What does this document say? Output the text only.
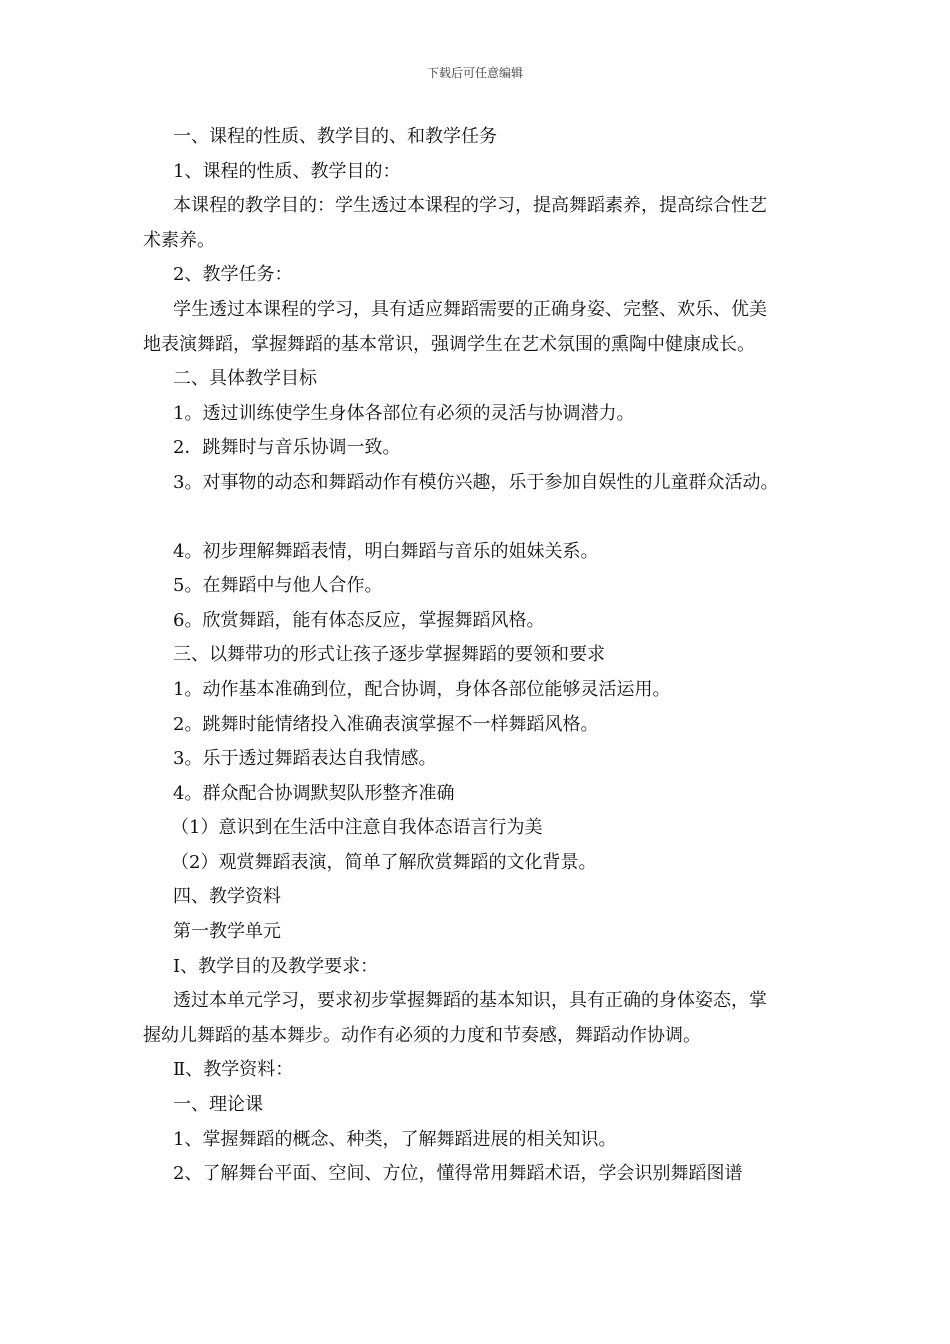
下载后可任意编辑
一、课程的性质、教学目的、和教学任务
1、课程的性质、教学目的：
本课程的教学目的：学生透过本课程的学习，提高舞蹈素养，提高综合性艺
术素养。
2、教学任务：
学生透过本课程的学习，具有适应舞蹈需要的正确身姿、完整、欢乐、优美
地表演舞蹈，掌握舞蹈的基本常识，强调学生在艺术氛围的熏陶中健康成长。
二、具体教学目标
1。透过训练使学生身体各部位有必须的灵活与协调潜力。
2．跳舞时与音乐协调一致。
3。对事物的动态和舞蹈动作有模仿兴趣，乐于参加自娱性的儿童群众活动。
4。初步理解舞蹈表情，明白舞蹈与音乐的姐妹关系。
5。在舞蹈中与他人合作。
6。欣赏舞蹈，能有体态反应，掌握舞蹈风格。
三、以舞带功的形式让孩子逐步掌握舞蹈的要领和要求
1。动作基本准确到位，配合协调，身体各部位能够灵活运用。
2。跳舞时能情绪投入准确表演掌握不一样舞蹈风格。
3。乐于透过舞蹈表达自我情感。
4。群众配合协调默契队形整齐准确
（1）意识到在生活中注意自我体态语言行为美
（2）观赏舞蹈表演，简单了解欣赏舞蹈的文化背景。
四、教学资料
第一教学单元
Ⅰ、教学目的及教学要求：
透过本单元学习，要求初步掌握舞蹈的基本知识，具有正确的身体姿态，掌
握幼儿舞蹈的基本舞步。动作有必须的力度和节奏感，舞蹈动作协调。
Ⅱ、教学资料：
一、理论课
1、掌握舞蹈的概念、种类，了解舞蹈进展的相关知识。
2、了解舞台平面、空间、方位，懂得常用舞蹈术语，学会识别舞蹈图谱
